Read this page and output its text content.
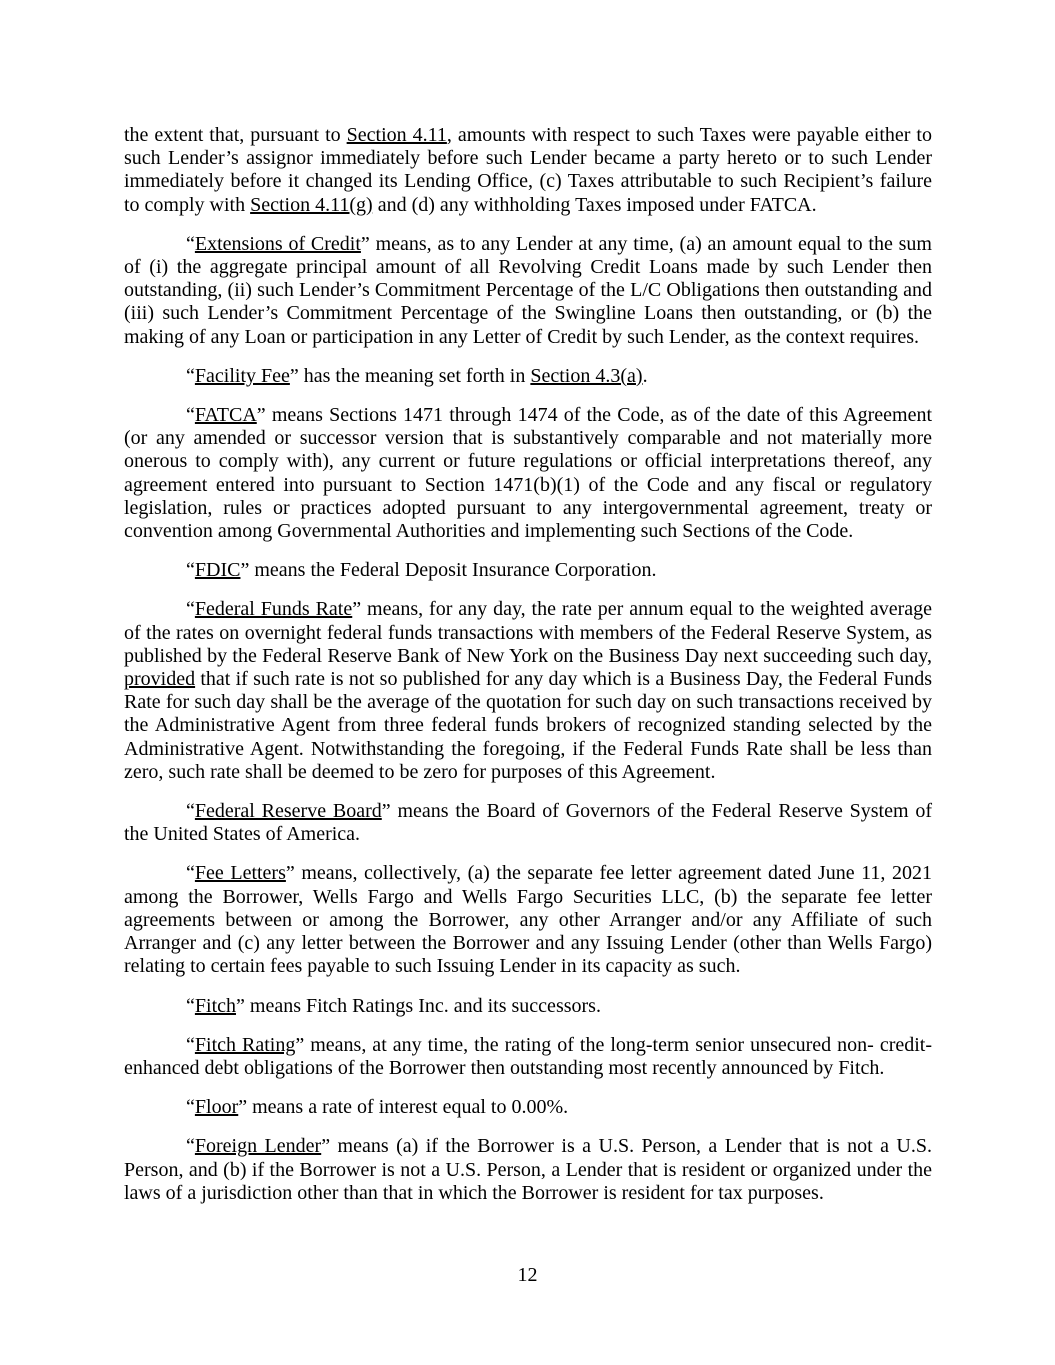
the extent that, pursuant to Section 4.11, amounts with respect to such Taxes were payable either to such Lender’s assignor immediately before such Lender became a party hereto or to such Lender immediately before it changed its Lending Office, (c) Taxes attributable to such Recipient’s failure to comply with Section 4.11(g) and (d) any withholding Taxes imposed under FATCA.

“Extensions of Credit” means, as to any Lender at any time, (a) an amount equal to the sum of (i) the aggregate principal amount of all Revolving Credit Loans made by such Lender then outstanding, (ii) such Lender’s Commitment Percentage of the L/C Obligations then outstanding and (iii) such Lender’s Commitment Percentage of the Swingline Loans then outstanding, or (b) the making of any Loan or participation in any Letter of Credit by such Lender, as the context requires.

“Facility Fee” has the meaning set forth in Section 4.3(a).

“FATCA” means Sections 1471 through 1474 of the Code, as of the date of this Agreement (or any amended or successor version that is substantively comparable and not materially more onerous to comply with), any current or future regulations or official interpretations thereof, any agreement entered into pursuant to Section 1471(b)(1) of the Code and any fiscal or regulatory legislation, rules or practices adopted pursuant to any intergovernmental agreement, treaty or convention among Governmental Authorities and implementing such Sections of the Code.

“FDIC” means the Federal Deposit Insurance Corporation.

“Federal Funds Rate” means, for any day, the rate per annum equal to the weighted average of the rates on overnight federal funds transactions with members of the Federal Reserve System, as published by the Federal Reserve Bank of New York on the Business Day next succeeding such day, provided that if such rate is not so published for any day which is a Business Day, the Federal Funds Rate for such day shall be the average of the quotation for such day on such transactions received by the Administrative Agent from three federal funds brokers of recognized standing selected by the Administrative Agent. Notwithstanding the foregoing, if the Federal Funds Rate shall be less than zero, such rate shall be deemed to be zero for purposes of this Agreement.

“Federal Reserve Board” means the Board of Governors of the Federal Reserve System of the United States of America.

“Fee Letters” means, collectively, (a) the separate fee letter agreement dated June 11, 2021 among the Borrower, Wells Fargo and Wells Fargo Securities LLC, (b) the separate fee letter agreements between or among the Borrower, any other Arranger and/or any Affiliate of such Arranger and (c) any letter between the Borrower and any Issuing Lender (other than Wells Fargo) relating to certain fees payable to such Issuing Lender in its capacity as such.

“Fitch” means Fitch Ratings Inc. and its successors.

“Fitch Rating” means, at any time, the rating of the long-term senior unsecured non- credit-enhanced debt obligations of the Borrower then outstanding most recently announced by Fitch.

“Floor” means a rate of interest equal to 0.00%.

“Foreign Lender” means (a) if the Borrower is a U.S. Person, a Lender that is not a U.S. Person, and (b) if the Borrower is not a U.S. Person, a Lender that is resident or organized under the laws of a jurisdiction other than that in which the Borrower is resident for tax purposes.

12
